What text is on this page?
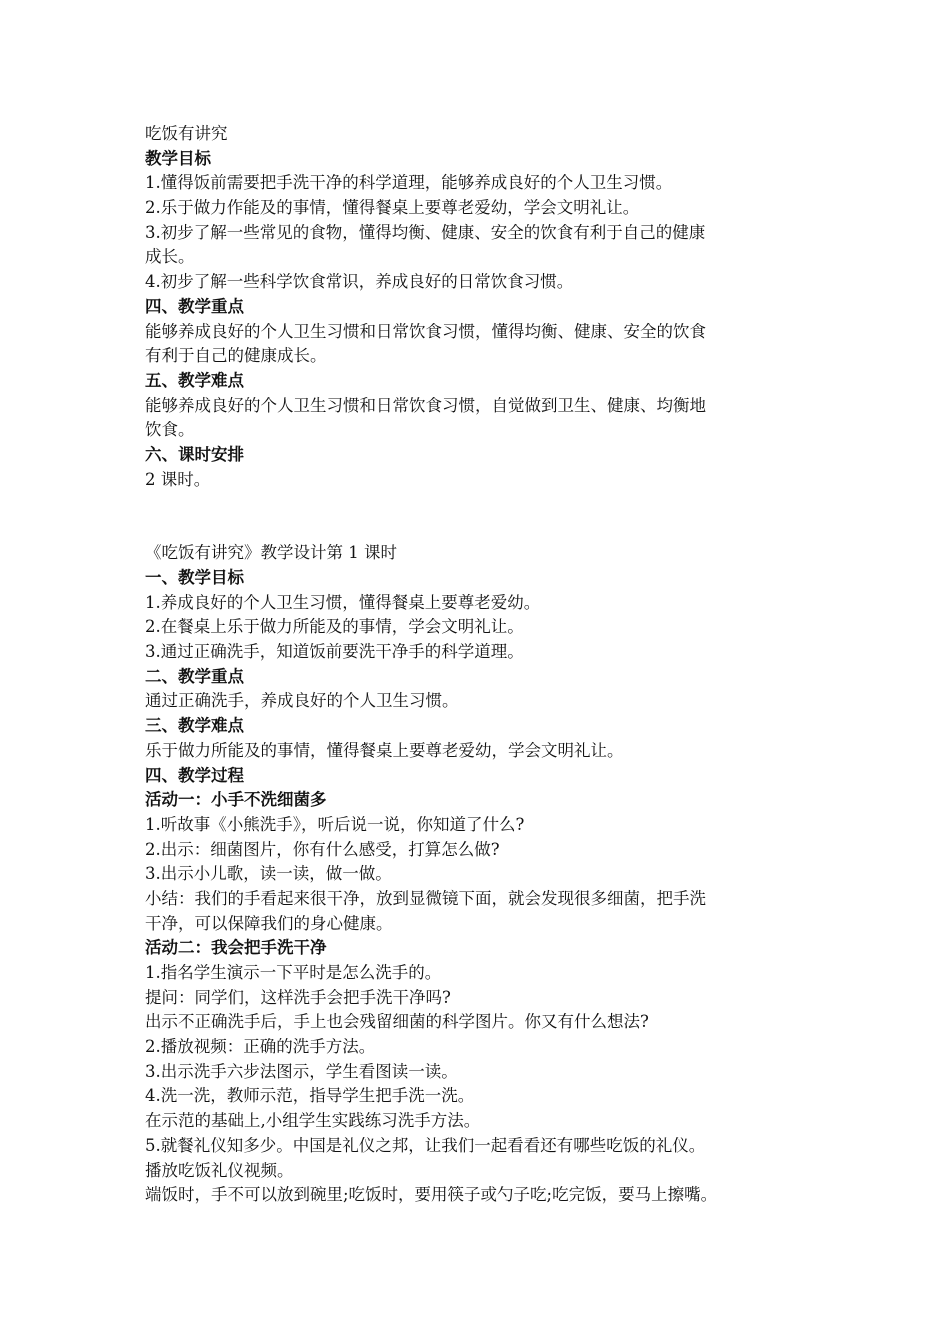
吃饭有讲究
教学目标
1.懂得饭前需要把手洗干净的科学道理，能够养成良好的个人卫生习惯。
2.乐于做力作能及的事情，懂得餐桌上要尊老爱幼，学会文明礼让。
3.初步了解一些常见的食物，懂得均衡、健康、安全的饮食有利于自己的健康
成长。
4.初步了解一些科学饮食常识，养成良好的日常饮食习惯。
四、教学重点
能够养成良好的个人卫生习惯和日常饮食习惯，懂得均衡、健康、安全的饮食
有利于自己的健康成长。
五、教学难点
能够养成良好的个人卫生习惯和日常饮食习惯，自觉做到卫生、健康、均衡地
饮食。
六、课时安排
2 课时。
《吃饭有讲究》教学设计第 1 课时
一、教学目标
1.养成良好的个人卫生习惯，懂得餐桌上要尊老爱幼。
2.在餐桌上乐于做力所能及的事情，学会文明礼让。
3.通过正确洗手，知道饭前要洗干净手的科学道理。
二、教学重点
通过正确洗手，养成良好的个人卫生习惯。
三、教学难点
乐于做力所能及的事情，懂得餐桌上要尊老爱幼，学会文明礼让。
四、教学过程
活动一：小手不洗细菌多
1.听故事《小熊洗手》，听后说一说，你知道了什么?
2.出示：细菌图片，你有什么感受，打算怎么做?
3.出示小儿歌，读一读，做一做。
小结：我们的手看起来很干净，放到显微镜下面，就会发现很多细菌，把手洗
干净，可以保障我们的身心健康。
活动二：我会把手洗干净
1.指名学生演示一下平时是怎么洗手的。
提问：同学们，这样洗手会把手洗干净吗?
出示不正确洗手后，手上也会残留细菌的科学图片。你又有什么想法?
2.播放视频：正确的洗手方法。
3.出示洗手六步法图示，学生看图读一读。
4.洗一洗，教师示范，指导学生把手洗一洗。
在示范的基础上,小组学生实践练习洗手方法。
5.就餐礼仪知多少。中国是礼仪之邦，让我们一起看看还有哪些吃饭的礼仪。
播放吃饭礼仪视频。
端饭时，手不可以放到碗里;吃饭时，要用筷子或勺子吃;吃完饭，要马上擦嘴。
